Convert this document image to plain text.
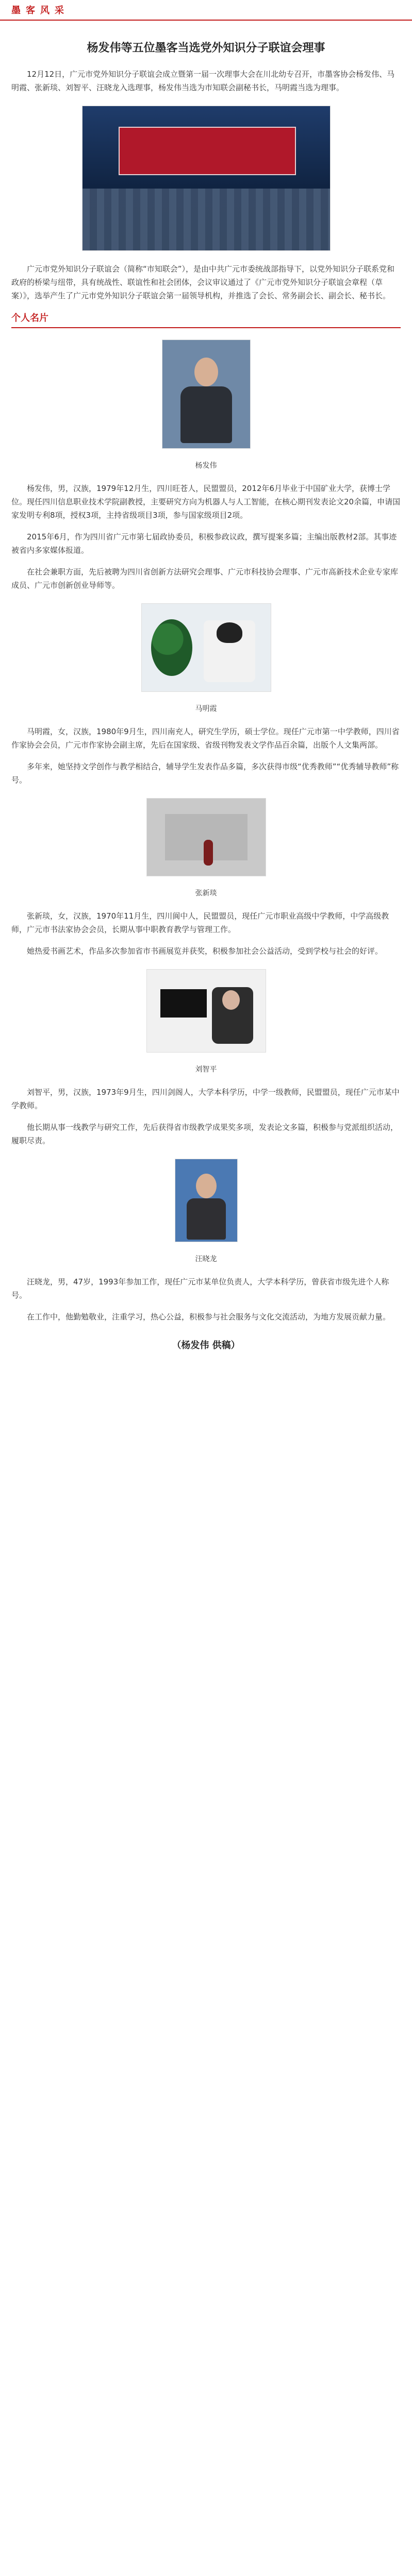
墨客风采
杨发伟等五位墨客当选党外知识分子联谊会理事

12月12日，广元市党外知识分子联谊会成立暨第一届一次理事大会在川北幼专召开，市墨客协会杨发伟、马明霞、张新琰、刘智平、汪晓龙入选理事，杨发伟当选为市知联会副秘书长，马明霞当选为理事。

广元市党外知识分子联谊会（简称“市知联会”），是由中共广元市委统战部指导下，以党外知识分子联系党和政府的桥梁与纽带，具有统战性、联谊性和社会团体，会议审议通过了《广元市党外知识分子联谊会章程（草案）》，选举产生了广元市党外知识分子联谊会第一届领导机构，并推选了会长、常务副会长、副会长、秘书长。

个人名片
杨发伟

杨发伟，男，汉族，1979年12月生，四川旺苍人，民盟盟员，2012年6月毕业于中国矿业大学，获博士学位。现任四川信息职业技术学院副教授，主要研究方向为机器人与人工智能，在核心期刊发表论文20余篇，申请国家发明专利8项，授权3项，主持省级项目3项，参与国家级项目2项。

2015年6月，作为四川省广元市第七届政协委员，积极参政议政，撰写提案多篇；主编出版教材2部。其事迹被省内多家媒体报道。

在社会兼职方面，先后被聘为四川省创新方法研究会理事、广元市科技协会理事、广元市高新技术企业专家库成员、广元市创新创业导师等。

马明霞

马明霞，女，汉族，1980年9月生，四川南充人，研究生学历，硕士学位。现任广元市第一中学教师，四川省作家协会会员，广元市作家协会副主席，先后在国家级、省级刊物发表文学作品百余篇，出版个人文集两部。

多年来，她坚持文学创作与教学相结合，辅导学生发表作品多篇，多次获得市级“优秀教师”“优秀辅导教师”称号。

张新琰

张新琰，女，汉族，1970年11月生，四川阆中人，民盟盟员，现任广元市职业高级中学教师，中学高级教师，广元市书法家协会会员，长期从事中职教育教学与管理工作。

她热爱书画艺术，作品多次参加省市书画展览并获奖，积极参加社会公益活动，受到学校与社会的好评。

刘智平

刘智平，男，汉族，1973年9月生，四川剑阁人，大学本科学历，中学一级教师，民盟盟员，现任广元市某中学教师。

他长期从事一线教学与研究工作，先后获得省市级教学成果奖多项，发表论文多篇，积极参与党派组织活动，履职尽责。

汪晓龙

汪晓龙，男，47岁，1993年参加工作，现任广元市某单位负责人，大学本科学历，曾获省市级先进个人称号。

在工作中，他勤勉敬业，注重学习，热心公益，积极参与社会服务与文化交流活动，为地方发展贡献力量。

（杨发伟 供稿）
